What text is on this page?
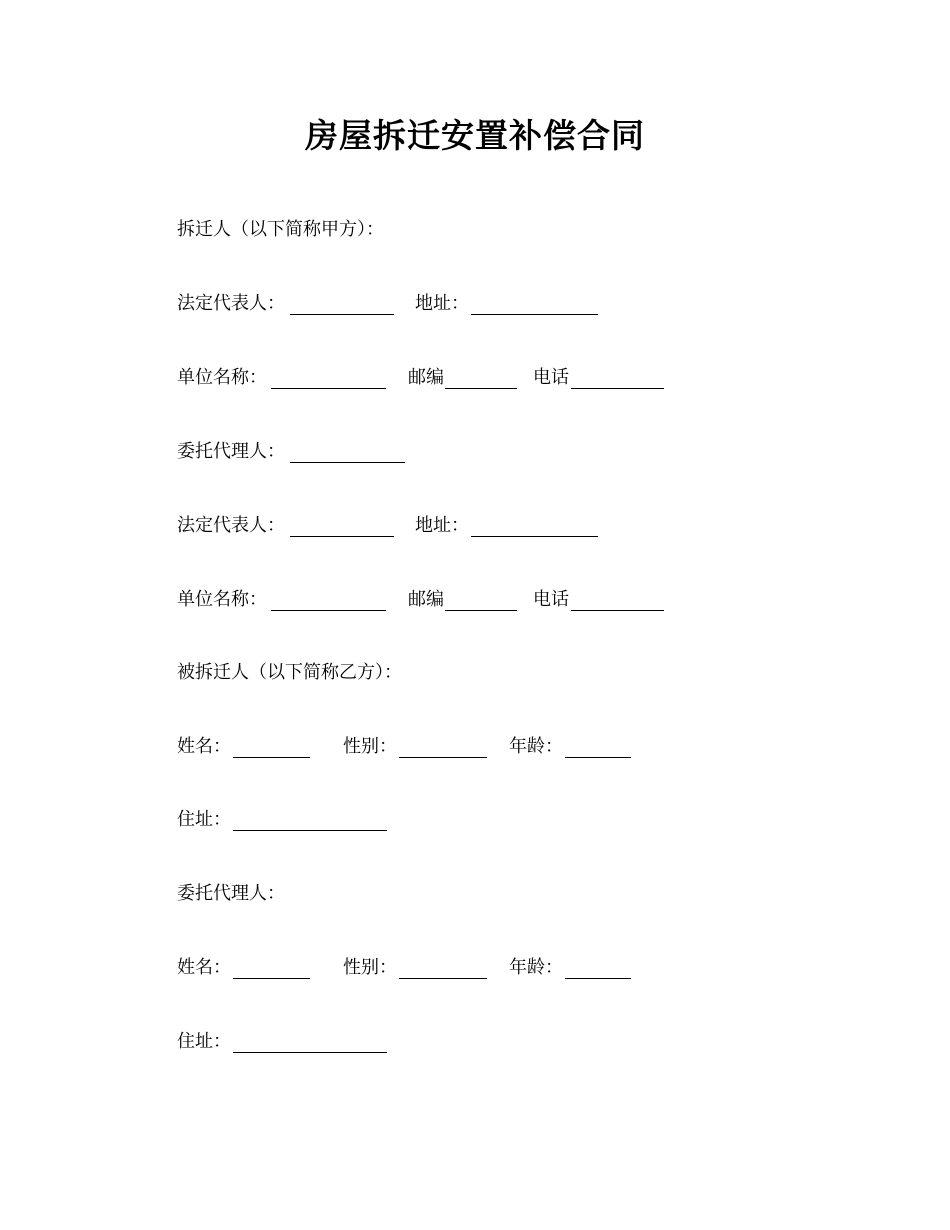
房屋拆迁安置补偿合同
拆迁人（以下简称甲方）：
法定代表人：	地址：
单位名称：	邮编	电话
委托代理人：
法定代表人：	地址：
单位名称：	邮编	电话
被拆迁人（以下简称乙方）：
姓名：	性别：	年龄：
住址：
委托代理人：
姓名：	性别：	年龄：
住址：
